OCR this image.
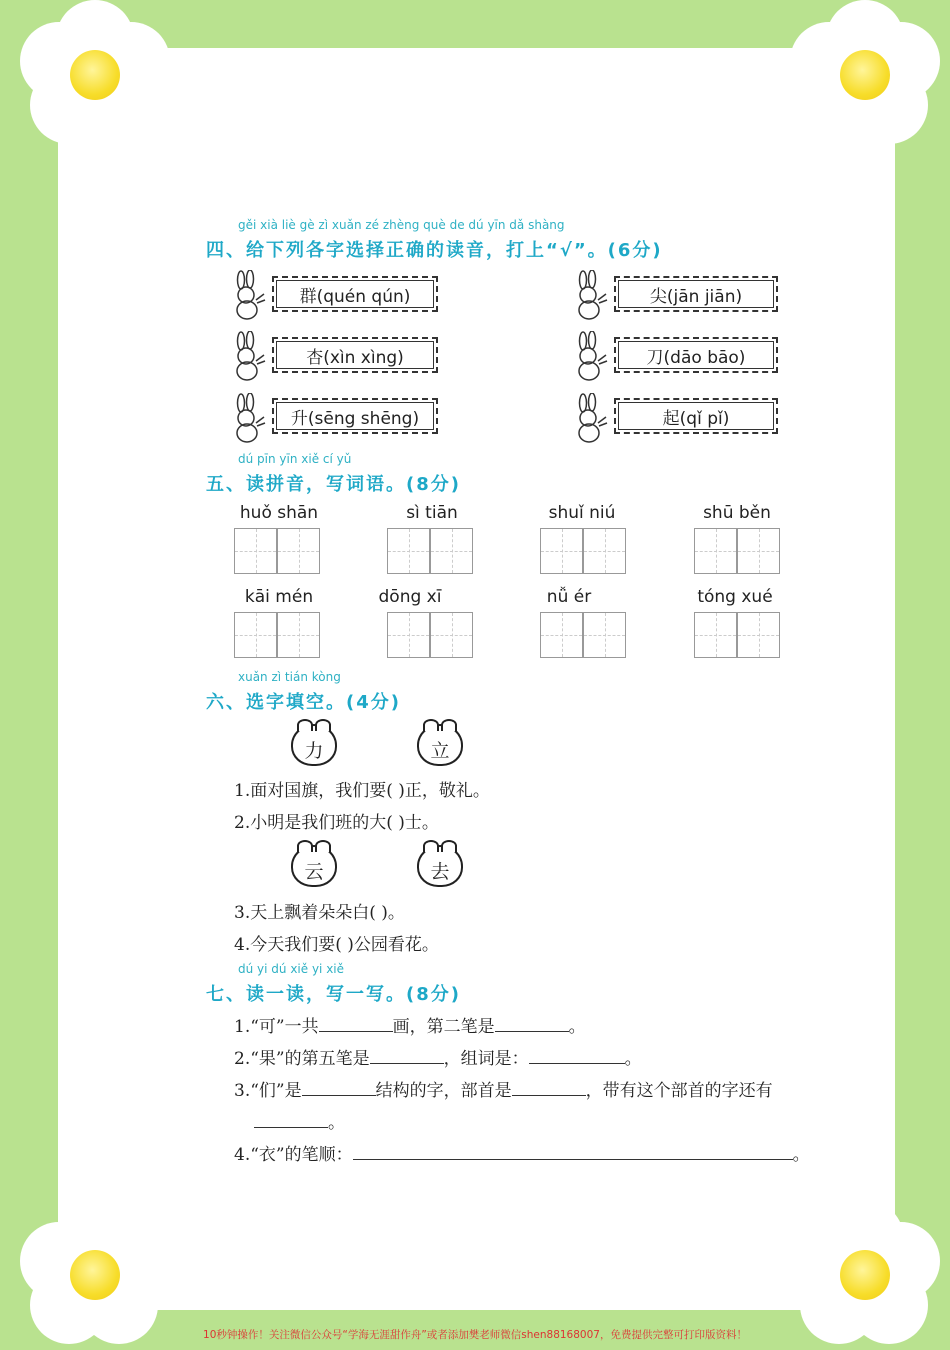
gěi xià liè gè zì xuǎn zé zhèng què de dú yīn dǎ shàng
四、给下列各字选择正确的读音，打上“√”。(6分)
群(quén qún)	尖(jān jiān)
杏(xìn xìng)	刀(dāo bāo)
升(sēng shēng)	起(qǐ pǐ)
dú pīn yīn xiě cí yǔ
五、读拼音，写词语。(8分)
huǒ shān	sì tiān	shuǐ niú	shū běn
kāi mén	dōng xī	nǚ ér	tóng xué
xuǎn zì tián kòng
六、选字填空。(4分)
力	立
1.面对国旗，我们要( )正，敬礼。
2.小明是我们班的大( )士。
云	去
3.天上飘着朵朵白( )。
4.今天我们要( )公园看花。
dú yi dú xiě yi xiě
七、读一读，写一写。(8分)
1.“可”一共	画，第二笔是	。
2.“果”的第五笔是	，组词是：	。
3.“们”是	结构的字，部首是	，带有这个部首的字还有
。
4.“衣”的笔顺：	。
10秒钟操作！关注微信公众号“学海无涯甜作舟”或者添加樊老师微信shen88168007，免费提供完整可打印版资料！
